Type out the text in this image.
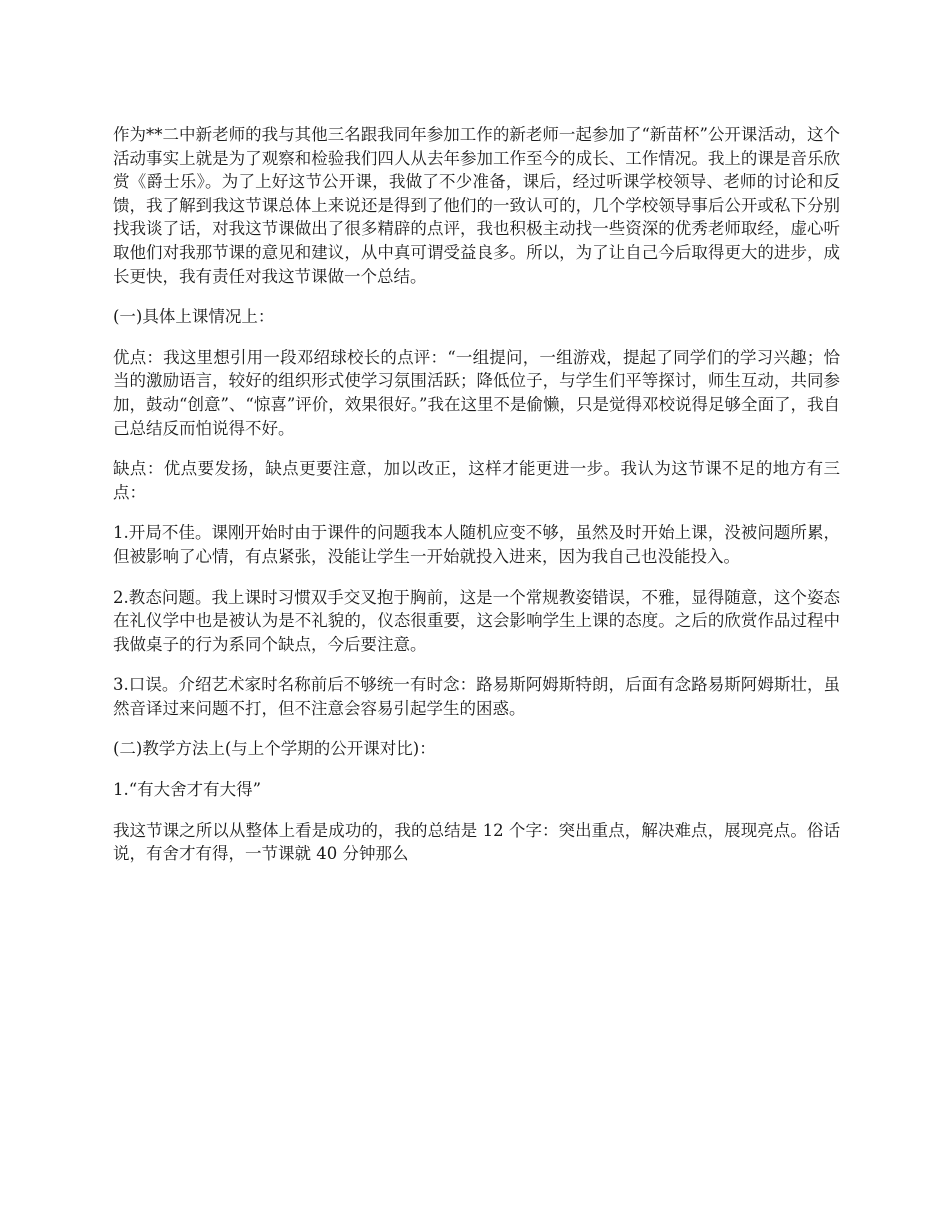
作为**二中新老师的我与其他三名跟我同年参加工作的新老师一起参加了“新苗杯”公开课活动，这个活动事实上就是为了观察和检验我们四人从去年参加工作至今的成长、工作情况。我上的课是音乐欣赏《爵士乐》。为了上好这节公开课，我做了不少准备，课后，经过听课学校领导、老师的讨论和反馈，我了解到我这节课总体上来说还是得到了他们的一致认可的，几个学校领导事后公开或私下分别找我谈了话，对我这节课做出了很多精辟的点评，我也积极主动找一些资深的优秀老师取经，虚心听取他们对我那节课的意见和建议，从中真可谓受益良多。所以，为了让自己今后取得更大的进步，成长更快，我有责任对我这节课做一个总结。

(一)具体上课情况上：

优点：我这里想引用一段邓绍球校长的点评：“一组提问，一组游戏，提起了同学们的学习兴趣；恰当的激励语言，较好的组织形式使学习氛围活跃；降低位子，与学生们平等探讨，师生互动，共同参加，鼓动“创意”、“惊喜”评价，效果很好。”我在这里不是偷懒，只是觉得邓校说得足够全面了，我自己总结反而怕说得不好。

缺点：优点要发扬，缺点更要注意，加以改正，这样才能更进一步。我认为这节课不足的地方有三点：

1.开局不佳。课刚开始时由于课件的问题我本人随机应变不够，虽然及时开始上课，没被问题所累，但被影响了心情，有点紧张，没能让学生一开始就投入进来，因为我自己也没能投入。

2.教态问题。我上课时习惯双手交叉抱于胸前，这是一个常规教姿错误，不雅，显得随意，这个姿态在礼仪学中也是被认为是不礼貌的，仪态很重要，这会影响学生上课的态度。之后的欣赏作品过程中我做桌子的行为系同个缺点，今后要注意。

3.口误。介绍艺术家时名称前后不够统一有时念：路易斯阿姆斯特朗，后面有念路易斯阿姆斯壮，虽然音译过来问题不打，但不注意会容易引起学生的困惑。

(二)教学方法上(与上个学期的公开课对比)：

1.“有大舍才有大得”

我这节课之所以从整体上看是成功的，我的总结是 12 个字：突出重点，解决难点，展现亮点。俗话说，有舍才有得，一节课就 40 分钟那么
